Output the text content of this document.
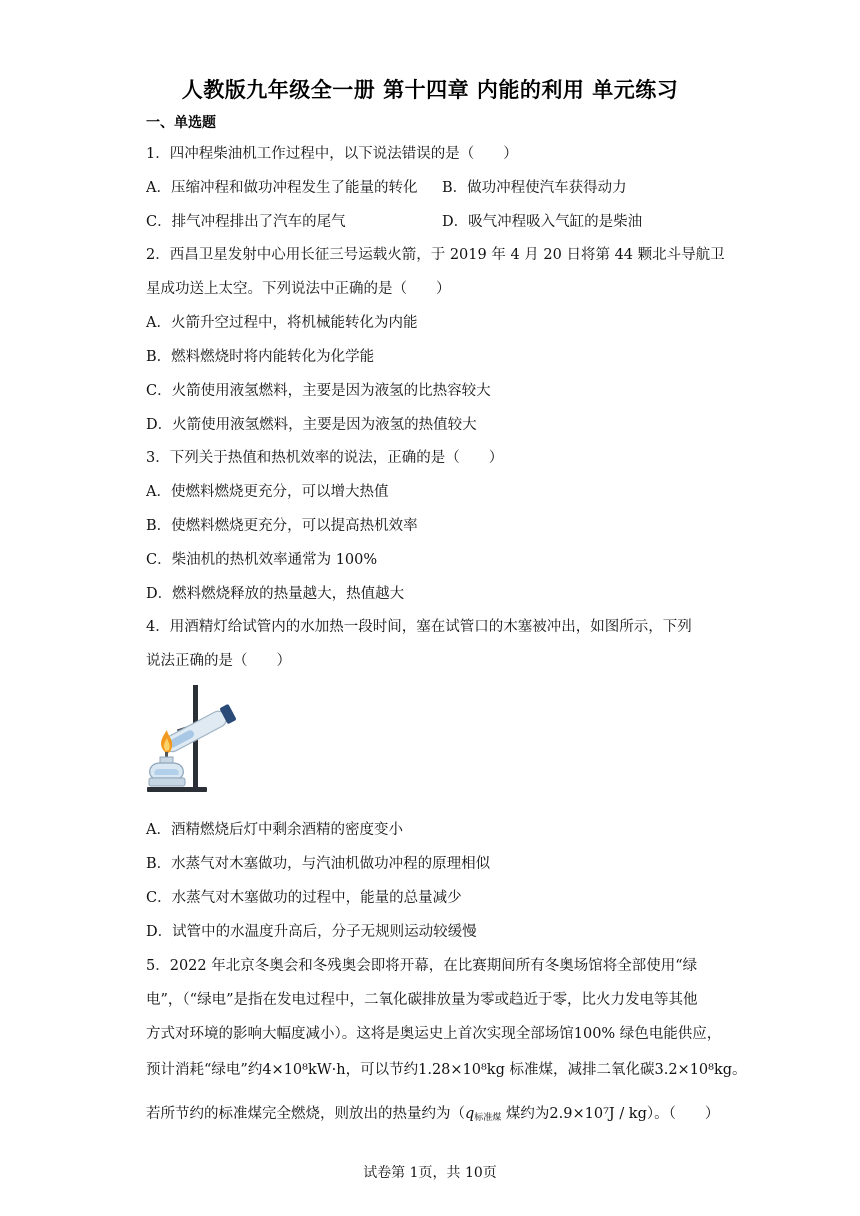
人教版九年级全一册 第十四章 内能的利用 单元练习
一、单选题
1．四冲程柴油机工作过程中，以下说法错误的是（　　）
A．压缩冲程和做功冲程发生了能量的转化 B．做功冲程使汽车获得动力
C．排气冲程排出了汽车的尾气	D．吸气冲程吸入气缸的是柴油
2．西昌卫星发射中心用长征三号运载火箭，于 2019 年 4 月 20 日将第 44 颗北斗导航卫
星成功送上太空。下列说法中正确的是（　　）
A．火箭升空过程中，将机械能转化为内能
B．燃料燃烧时将内能转化为化学能
C．火箭使用液氢燃料，主要是因为液氢的比热容较大
D．火箭使用液氢燃料，主要是因为液氢的热值较大
3．下列关于热值和热机效率的说法，正确的是（　　）
A．使燃料燃烧更充分，可以增大热值
B．使燃料燃烧更充分，可以提高热机效率
C．柴油机的热机效率通常为 100%
D．燃料燃烧释放的热量越大，热值越大
4．用酒精灯给试管内的水加热一段时间，塞在试管口的木塞被冲出，如图所示，下列
说法正确的是（　　）
A．酒精燃烧后灯中剩余酒精的密度变小
B．水蒸气对木塞做功，与汽油机做功冲程的原理相似
C．水蒸气对木塞做功的过程中，能量的总量减少
D．试管中的水温度升高后，分子无规则运动较缓慢
5．2022 年北京冬奥会和冬残奥会即将开幕，在比赛期间所有冬奥场馆将全部使用“绿
电”，（“绿电”是指在发电过程中，二氧化碳排放量为零或趋近于零，比火力发电等其他
方式对环境的影响大幅度减小）。这将是奥运史上首次实现全部场馆100% 绿色电能供应，
预计消耗“绿电”约4×10⁸kW·h，可以节约1.28×10⁸kg 标准煤，减排二氧化碳3.2×10⁸kg。
若所节约的标准煤完全燃烧，则放出的热量约为（q标准煤 煤约为2.9×10⁷J / kg）。（　　）
试卷第 1页，共 10页
